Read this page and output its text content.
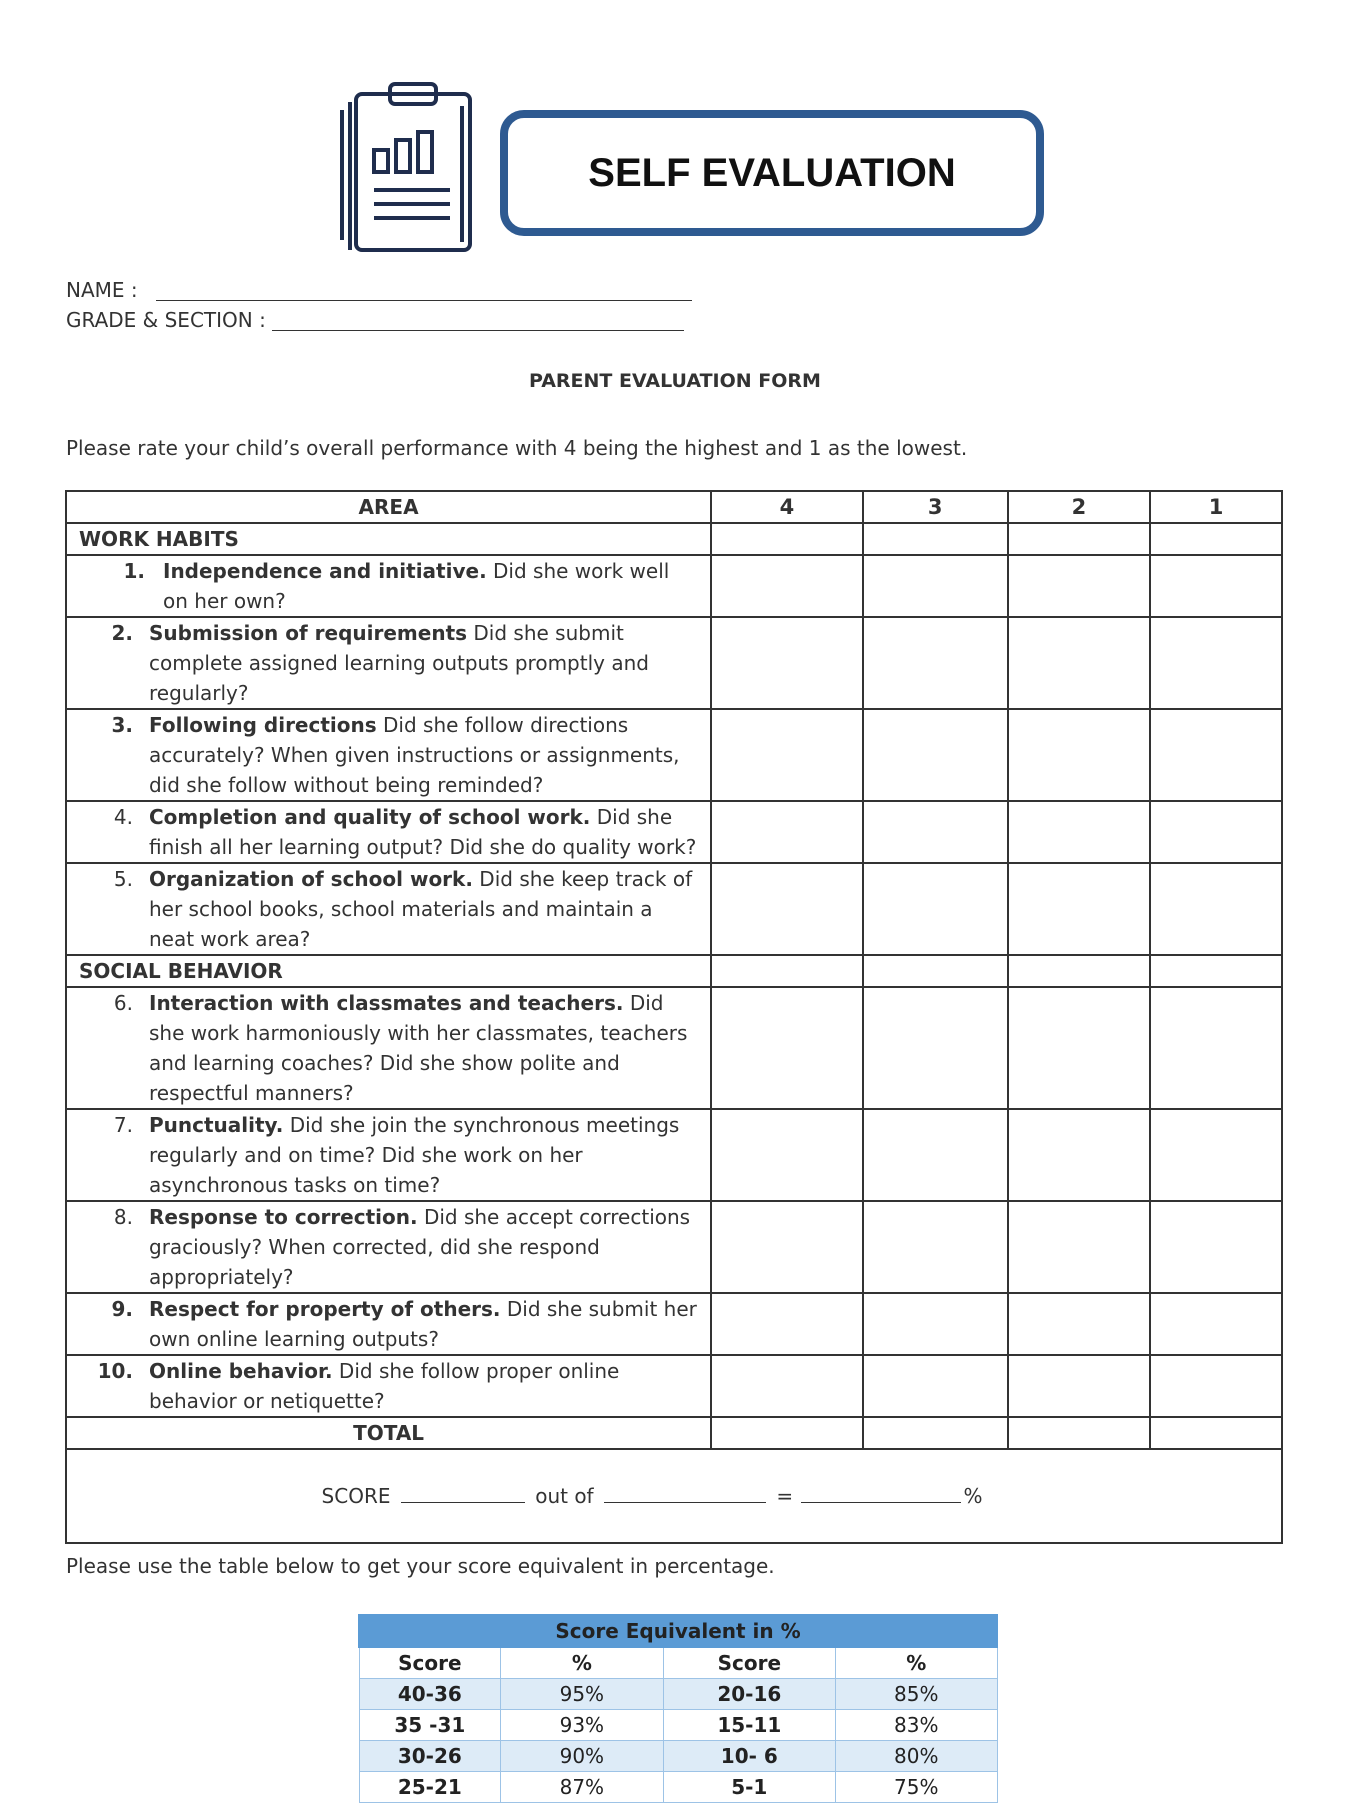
SELF EVALUATION
NAME :
GRADE & SECTION :
PARENT EVALUATION FORM
Please rate your child’s overall performance with 4 being the highest and 1 as the lowest.
AREA	4	3	2	1
WORK HABITS				

1. Independence and initiative. Did she work well on her own?				

2. Submission of requirements Did she submit complete assigned learning outputs promptly and regularly?				

3. Following directions Did she follow directions accurately? When given instructions or assignments, did she follow without being reminded?				

4. Completion and quality of school work. Did she finish all her learning output? Did she do quality work?				

5. Organization of school work. Did she keep track of her school books, school materials and maintain a neat work area?				

SOCIAL BEHAVIOR				

6. Interaction with classmates and teachers. Did she work harmoniously with her classmates, teachers and learning coaches? Did she show polite and respectful manners?				

7. Punctuality. Did she join the synchronous meetings regularly and on time? Did she work on her asynchronous tasks on time?				

8. Response to correction. Did she accept corrections graciously? When corrected, did she respond appropriately?				

9. Respect for property of others. Did she submit her own online learning outputs?				

10. Online behavior. Did she follow proper online behavior or netiquette?				

TOTAL				
SCORE out of = %				
Please use the table below to get your score equivalent in percentage.
Score Equivalent in %			
Score	%	Score	%
40-36	95%	20-16	85%
35 -31	93%	15-11	83%
30-26	90%	10- 6	80%
25-21	87%	5-1	75%
